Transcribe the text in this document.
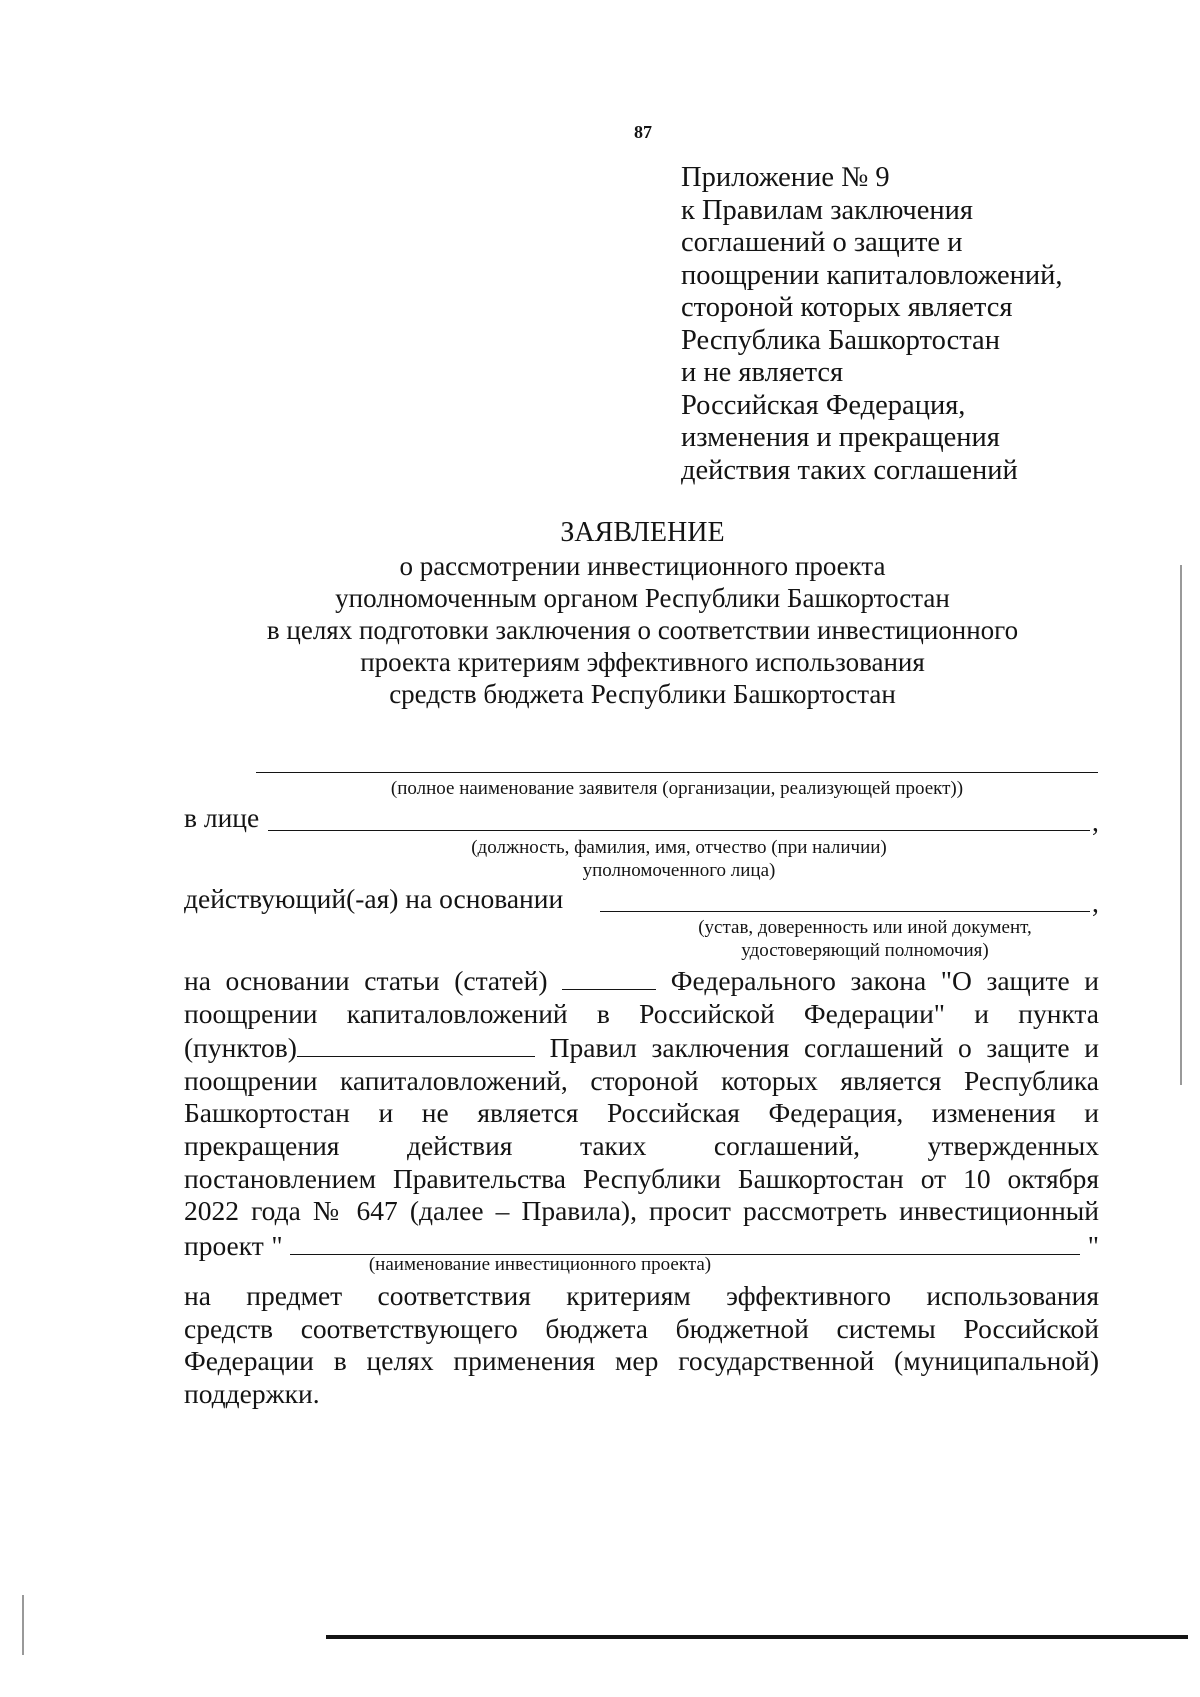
87
Приложение № 9
к Правилам заключения
соглашений о защите и
поощрении капиталовложений,
стороной которых является
Республика Башкортостан
и не является
Российская Федерация,
изменения и прекращения
действия таких соглашений
ЗАЯВЛЕНИЕ
о рассмотрении инвестиционного проекта
уполномоченным органом Республики Башкортостан
в целях подготовки заключения о соответствии инвестиционного
проекта критериям эффективного использования
средств бюджета Республики Башкортостан
(полное наименование заявителя (организации, реализующей проект))
в лице	,
(должность, фамилия, имя, отчество (при наличии)
уполномоченного лица)
действующий(-ая) на основании	,
(устав, доверенность или иной документ,
удостоверяющий полномочия)
на основании статьи (статей)	Федерального закона "О защите и
поощрении капиталовложений в Российской Федерации" и пункта
(пунктов)	Правил заключения соглашений о защите и
поощрении капиталовложений, стороной которых является Республика
Башкортостан и не является Российская Федерация, изменения и
прекращения действия таких соглашений, утвержденных
постановлением Правительства Республики Башкортостан от 10 октября
2022 года № 647 (далее – Правила), просит рассмотреть инвестиционный
проект "	"
(наименование инвестиционного проекта)
на предмет соответствия критериям эффективного использования
средств соответствующего бюджета бюджетной системы Российской
Федерации в целях применения мер государственной (муниципальной)
поддержки.
